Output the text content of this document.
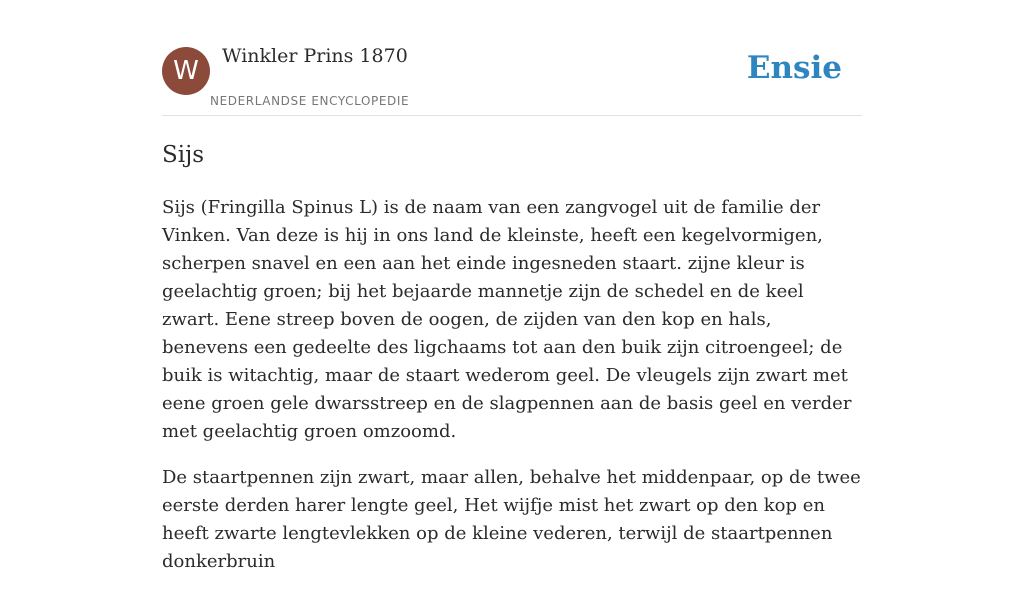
W	Winkler Prins 1870
NEDERLANDSE ENCYCLOPEDIE
Ensie
Sijs

Sijs (Fringilla Spinus L) is de naam van een zangvogel uit de familie der Vinken. Van deze is hij in ons land de kleinste, heeft een kegelvormigen, scherpen snavel en een aan het einde ingesneden staart. zijne kleur is geelachtig groen; bij het bejaarde mannetje zijn de schedel en de keel zwart. Eene streep boven de oogen, de zijden van den kop en hals, benevens een gedeelte des ligchaams tot aan den buik zijn citroengeel; de buik is witachtig, maar de staart wederom geel. De vleugels zijn zwart met eene groen gele dwarsstreep en de slagpennen aan de basis geel en verder met geelachtig groen omzoomd.

De staartpennen zijn zwart, maar allen, behalve het middenpaar, op de twee eerste derden harer lengte geel, Het wijfje mist het zwart op den kop en heeft zwarte lengtevlekken op de kleine vederen, terwijl de staartpennen donkerbruin
